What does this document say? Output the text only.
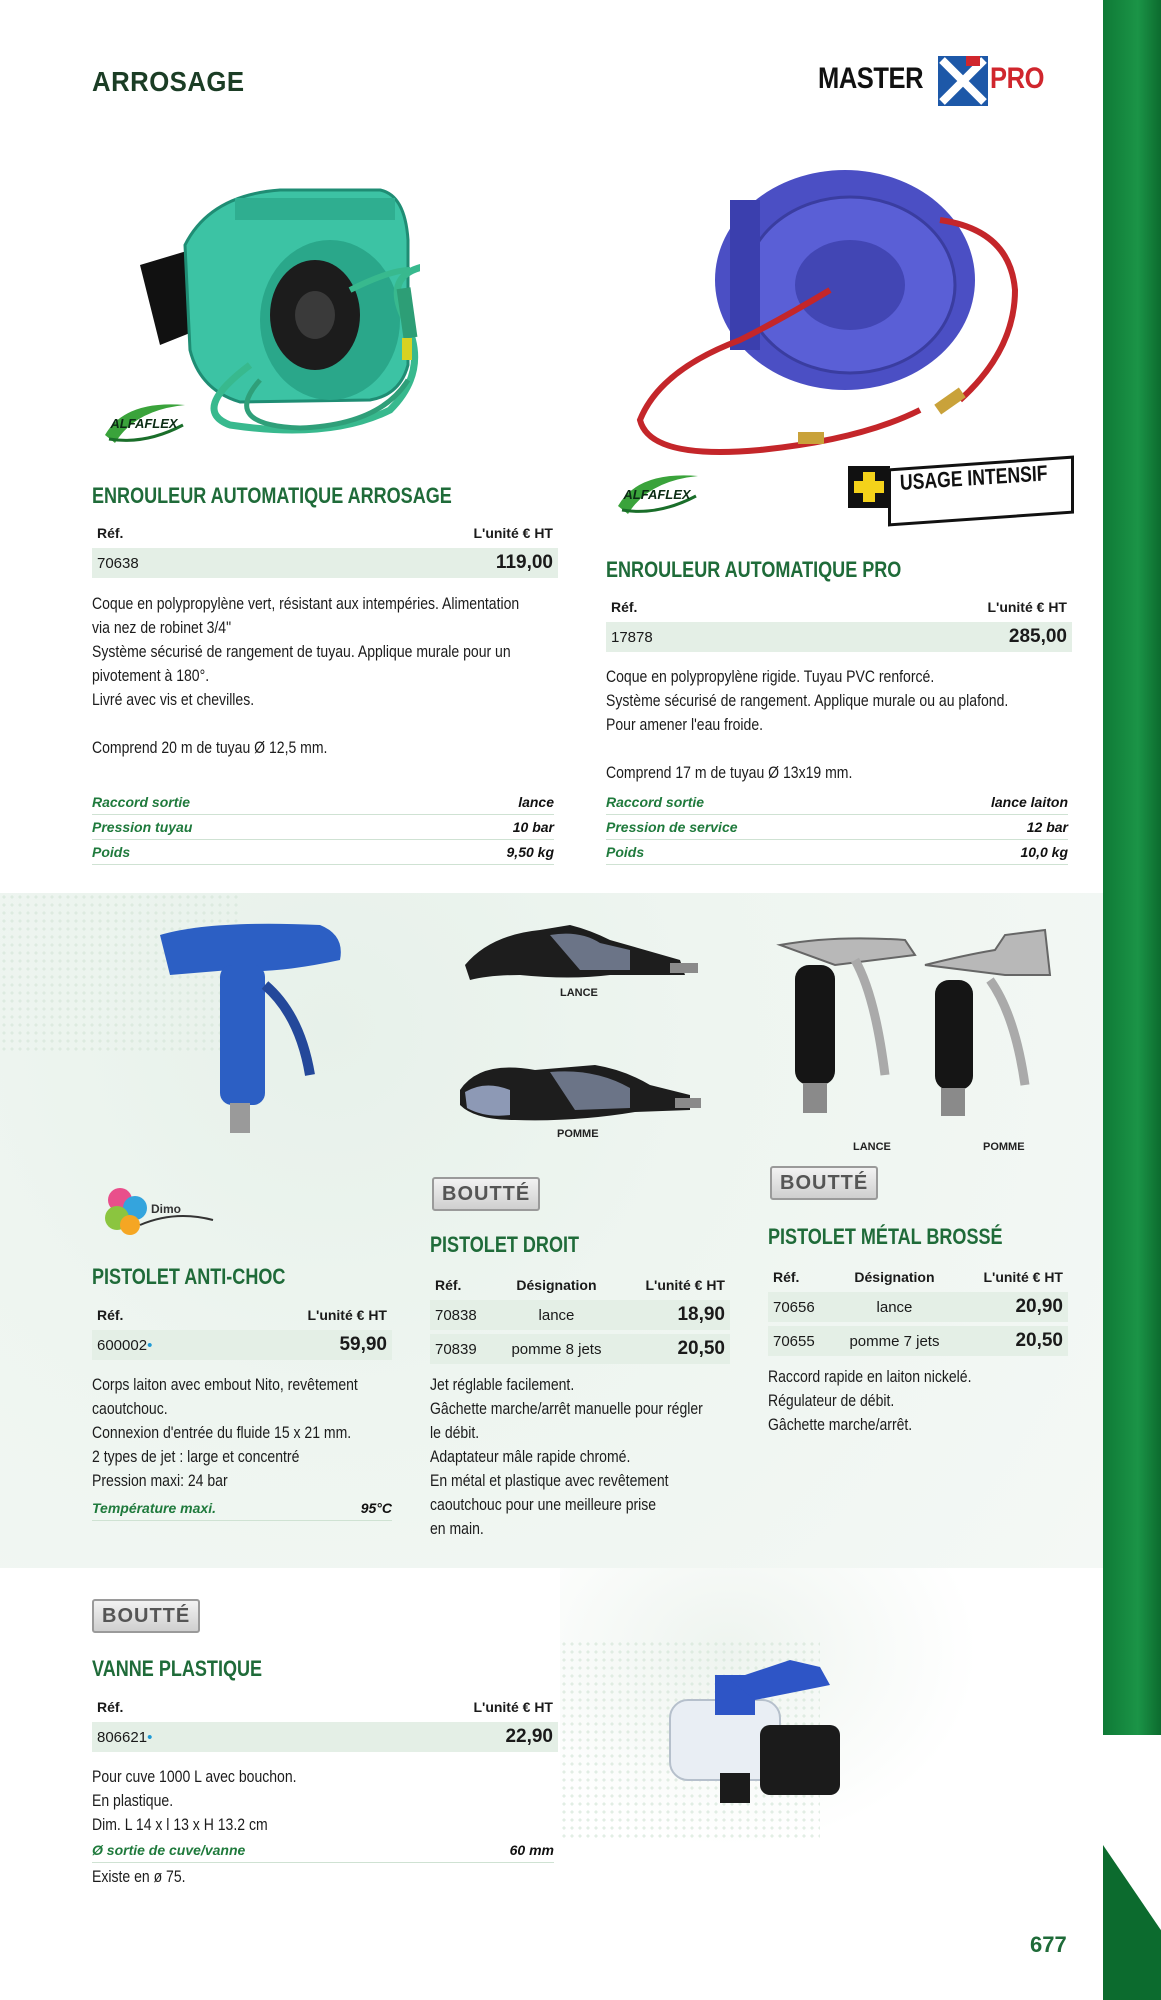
ARROSAGE	MASTER PRO
ALFAFLEX
ENROULEUR AUTOMATIQUE ARROSAGE
Réf.	L'unité € HT
70638	119,00
Coque en polypropylène vert, résistant aux intempéries. Alimentation
via nez de robinet 3/4"
Système sécurisé de rangement de tuyau. Applique murale pour un
pivotement à 180°.
Livré avec vis et chevilles.
Comprend 20 m de tuyau Ø 12,5 mm.
Raccord sortie	lance
Pression tuyau	10 bar
Poids	9,50 kg
USAGE INTENSIF
ALFAFLEX
ENROULEUR AUTOMATIQUE PRO
Réf.	L'unité € HT
17878	285,00
Coque en polypropylène rigide. Tuyau PVC renforcé.
Système sécurisé de rangement. Applique murale ou au plafond.
Pour amener l'eau froide.
Comprend 17 m de tuyau Ø 13x19 mm.
Raccord sortie	lance laiton
Pression de service	12 bar
Poids	10,0 kg
Dimo
PISTOLET ANTI-CHOC
Réf.	L'unité € HT
600002•	59,90
Corps laiton avec embout Nito, revêtement
caoutchouc.
Connexion d'entrée du fluide 15 x 21 mm.
2 types de jet : large et concentré
Pression maxi: 24 bar
Température maxi.	95°C
LANCE
POMME
BOUTTÉ
PISTOLET DROIT
Réf.	Désignation	L'unité € HT
70838	lance	18,90
70839	pomme 8 jets	20,50
Jet réglable facilement.
Gâchette marche/arrêt manuelle pour régler
le débit.
Adaptateur mâle rapide chromé.
En métal et plastique avec revêtement
caoutchouc pour une meilleure prise
en main.
LANCE	POMME
BOUTTÉ
PISTOLET MÉTAL BROSSÉ
Réf.	Désignation	L'unité € HT
70656	lance	20,90
70655	pomme 7 jets	20,50
Raccord rapide en laiton nickelé.
Régulateur de débit.
Gâchette marche/arrêt.
BOUTTÉ
VANNE PLASTIQUE
Réf.	L'unité € HT
806621•	22,90
Pour cuve 1000 L avec bouchon.
En plastique.
Dim. L 14 x l 13 x H 13.2 cm
Ø sortie de cuve/vanne	60 mm
Existe en ø 75.
677
